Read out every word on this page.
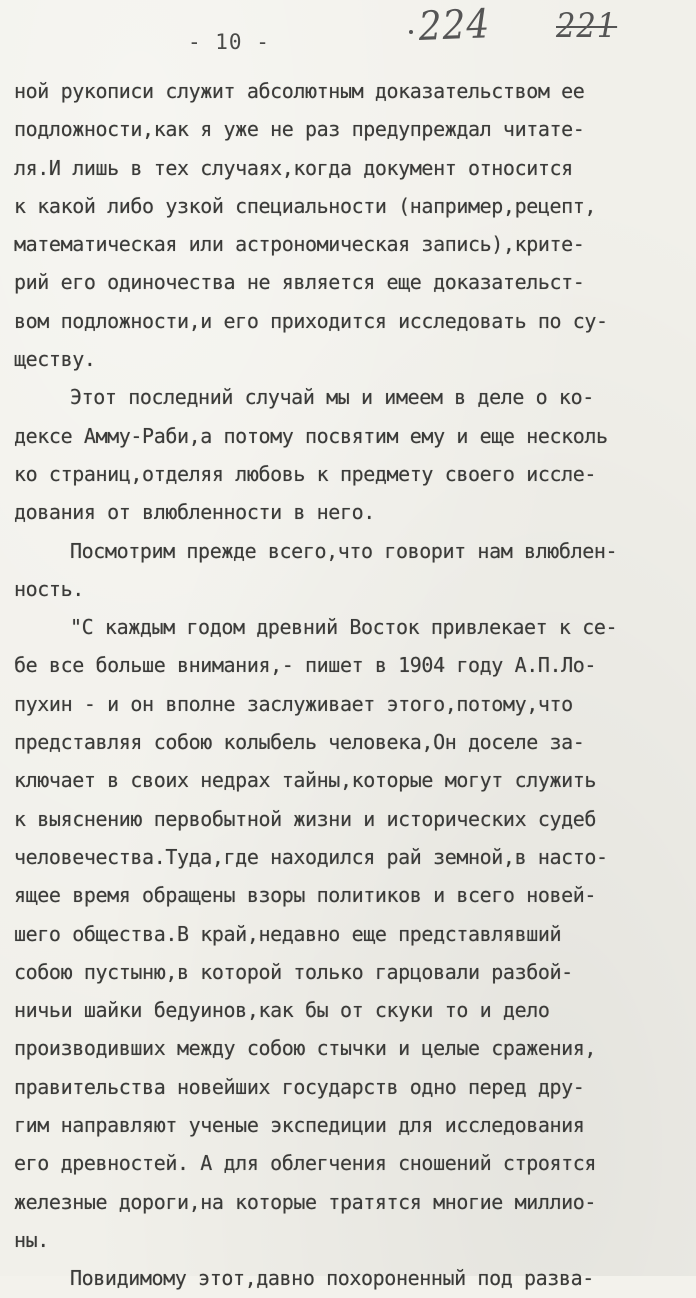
- 10 -	224 221
ной рукописи служит абсолютным доказательством ее
подложности,как я уже не раз предупреждал читате-
ля.И лишь в тех случаях,когда документ относится
к какой либо узкой специальности (например,рецепт,
математическая или астрономическая запись),крите-
рий его одиночества не является еще доказательст-
вом подложности,и его приходится исследовать по су-
ществу.
Этот последний случай мы и имеем в деле о ко-
дексе Амму-Раби,а потому посвятим ему и еще несколь
ко страниц,отделяя любовь к предмету своего иссле-
дования от влюбленности в него.
Посмотрим прежде всего,что говорит нам влюблен-
ность.
"С каждым годом древний Восток привлекает к се-
бе все больше внимания,- пишет в 1904 году А.П.Ло-
пухин - и он вполне заслуживает этого,потому,что
представляя собою колыбель человека,Он доселе за-
ключает в своих недрах тайны,которые могут служить
к выяснению первобытной жизни и исторических судеб
человечества.Туда,где находился рай земной,в насто-
ящее время обращены взоры политиков и всего новей-
шего общества.В край,недавно еще представлявший
собою пустыню,в которой только гарцовали разбой-
ничьи шайки бедуинов,как бы от скуки то и дело
производивших между собою стычки и целые сражения,
правительства новейших государств одно перед дру-
гим направляют ученые экспедиции для исследования
его древностей. А для облегчения сношений строятся
железные дороги,на которые тратятся многие миллио-
ны.
Повидимому этот,давно похороненный под разва-
